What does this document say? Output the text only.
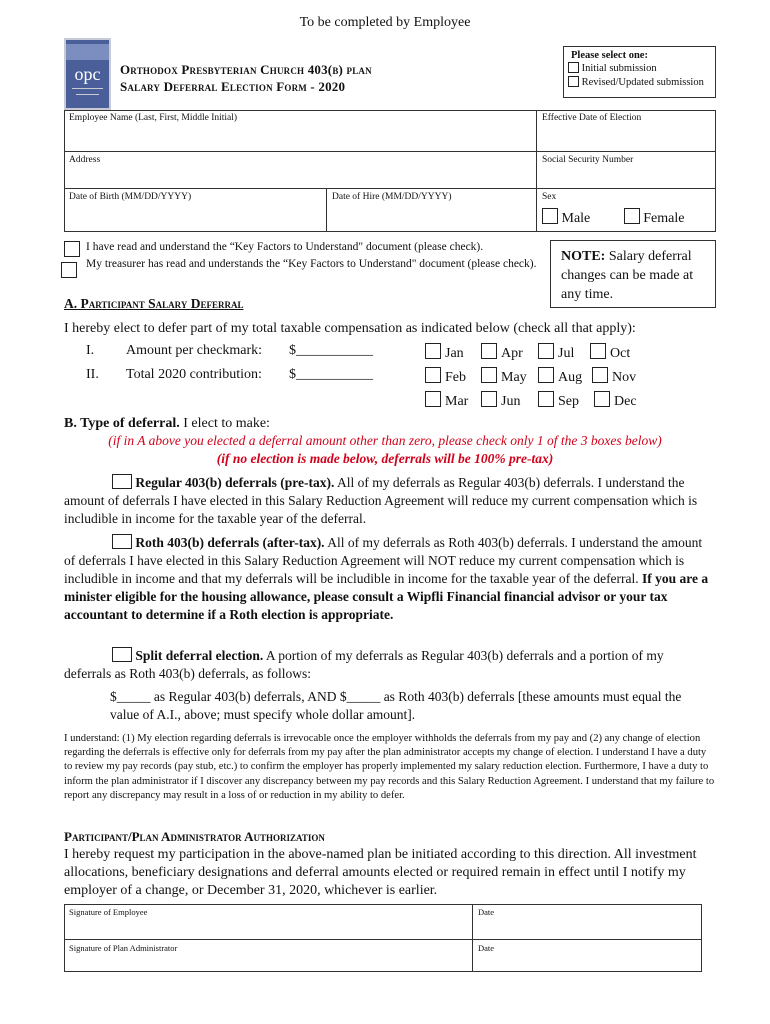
To be completed by Employee
opc	Orthodox Presbyterian Church 403(b) plan
Salary Deferral Election Form - 2020
Please select one:
Initial submission
Revised/Updated submission
Employee Name (Last, First, Middle Initial)	Effective Date of Election
Address	Social Security Number
Date of Birth (MM/DD/YYYY)	Date of Hire (MM/DD/YYYY)	Sex
Male	Female
I have read and understand the “Key Factors to Understand" document (please check).
My treasurer has read and understands the “Key Factors to Understand" document (please check).	NOTE: Salary deferral changes can be made at any time.
A. Participant Salary Deferral
I hereby elect to defer part of my total taxable compensation as indicated below (check all that apply):
I. Amount per checkmark: $___________
II. Total 2020 contribution: $___________
Jan	Apr	Jul	Oct
Feb	May	Aug	Nov
Mar	Jun	Sep	Dec
B. Type of deferral. I elect to make:
(if in A above you elected a deferral amount other than zero, please check only 1 of the 3 boxes below)
(if no election is made below, deferrals will be 100% pre-tax)
Regular 403(b) deferrals (pre-tax). All of my deferrals as Regular 403(b) deferrals. I understand the amount of deferrals I have elected in this Salary Reduction Agreement will reduce my current compensation which is includible in income for the taxable year of the deferral.
Roth 403(b) deferrals (after-tax). All of my deferrals as Roth 403(b) deferrals. I understand the amount of deferrals I have elected in this Salary Reduction Agreement will NOT reduce my current compensation which is includible in income and that my deferrals will be includible in income for the taxable year of the deferral. If you are a minister eligible for the housing allowance, please consult a Wipfli Financial financial advisor or your tax accountant to determine if a Roth election is appropriate.
Split deferral election. A portion of my deferrals as Regular 403(b) deferrals and a portion of my deferrals as Roth 403(b) deferrals, as follows:
$_____ as Regular 403(b) deferrals, AND $_____ as Roth 403(b) deferrals [these amounts must equal the value of A.I., above; must specify whole dollar amount].
I understand: (1) My election regarding deferrals is irrevocable once the employer withholds the deferrals from my pay and (2) any change of election regarding the deferrals is effective only for deferrals from my pay after the plan administrator accepts my change of election. I understand I have a duty to review my pay records (pay stub, etc.) to confirm the employer has properly implemented my salary reduction election. Furthermore, I have a duty to inform the plan administrator if I discover any discrepancy between my pay records and this Salary Reduction Agreement. I understand that my failure to report any discrepancy may result in a loss of or reduction in my ability to defer.
Participant/Plan Administrator Authorization
I hereby request my participation in the above-named plan be initiated according to this direction. All investment allocations, beneficiary designations and deferral amounts elected or required remain in effect until I notify my employer of a change, or December 31, 2020, whichever is earlier.
Signature of Employee	Date
Signature of Plan Administrator	Date
